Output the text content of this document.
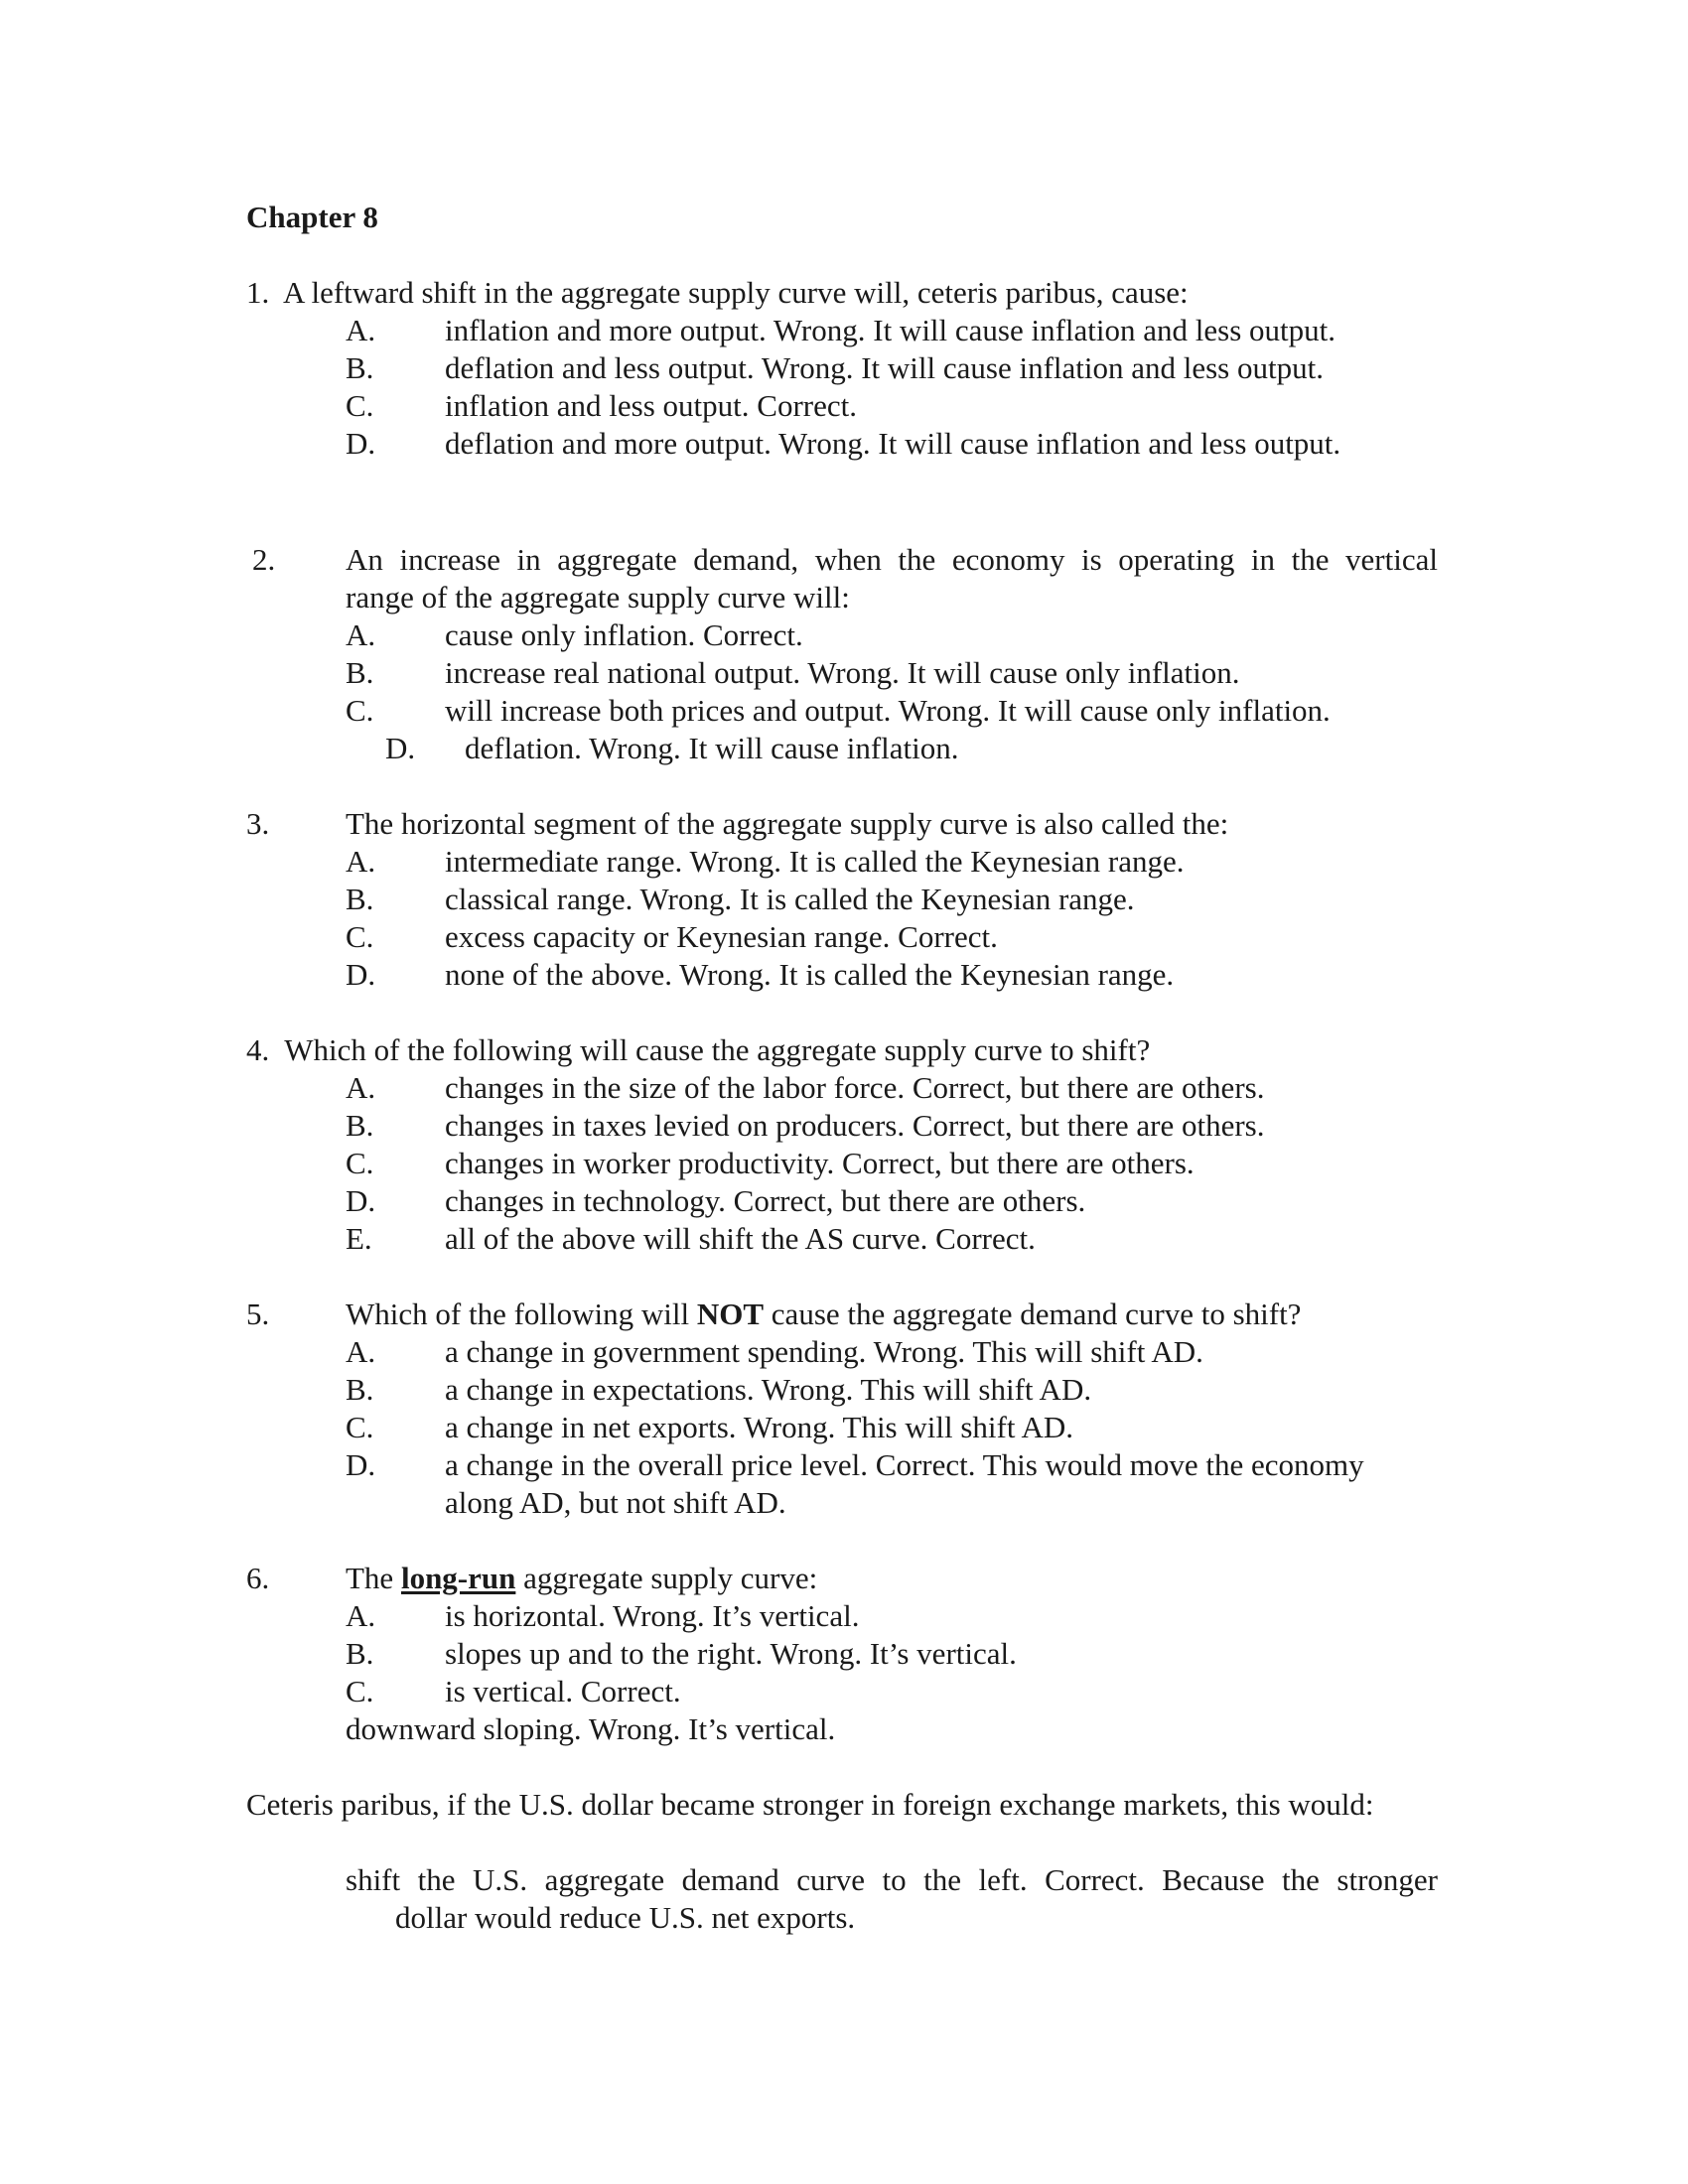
Chapter 8
1. A leftward shift in the aggregate supply curve will, ceteris paribus, cause:
A. inflation and more output. Wrong. It will cause inflation and less output.
B. deflation and less output. Wrong. It will cause inflation and less output.
C. inflation and less output. Correct.
D. deflation and more output. Wrong. It will cause inflation and less output.
2. An increase in aggregate demand, when the economy is operating in the vertical
range of the aggregate supply curve will:
A. cause only inflation. Correct.
B. increase real national output. Wrong. It will cause only inflation.
C. will increase both prices and output. Wrong. It will cause only inflation.
D. deflation. Wrong. It will cause inflation.
3. The horizontal segment of the aggregate supply curve is also called the:
A. intermediate range. Wrong. It is called the Keynesian range.
B. classical range. Wrong. It is called the Keynesian range.
C. excess capacity or Keynesian range. Correct.
D. none of the above. Wrong. It is called the Keynesian range.
4. Which of the following will cause the aggregate supply curve to shift?
A. changes in the size of the labor force. Correct, but there are others.
B. changes in taxes levied on producers. Correct, but there are others.
C. changes in worker productivity. Correct, but there are others.
D. changes in technology. Correct, but there are others.
E. all of the above will shift the AS curve. Correct.
5. Which of the following will NOT cause the aggregate demand curve to shift?
A. a change in government spending. Wrong. This will shift AD.
B. a change in expectations. Wrong. This will shift AD.
C. a change in net exports. Wrong. This will shift AD.
D. a change in the overall price level. Correct. This would move the economy
along AD, but not shift AD.
6. The long-run aggregate supply curve:
A. is horizontal. Wrong. It’s vertical.
B. slopes up and to the right. Wrong. It’s vertical.
C. is vertical. Correct.
downward sloping. Wrong. It’s vertical.
Ceteris paribus, if the U.S. dollar became stronger in foreign exchange markets, this would:
shift the U.S. aggregate demand curve to the left. Correct. Because the stronger
dollar would reduce U.S. net exports.
